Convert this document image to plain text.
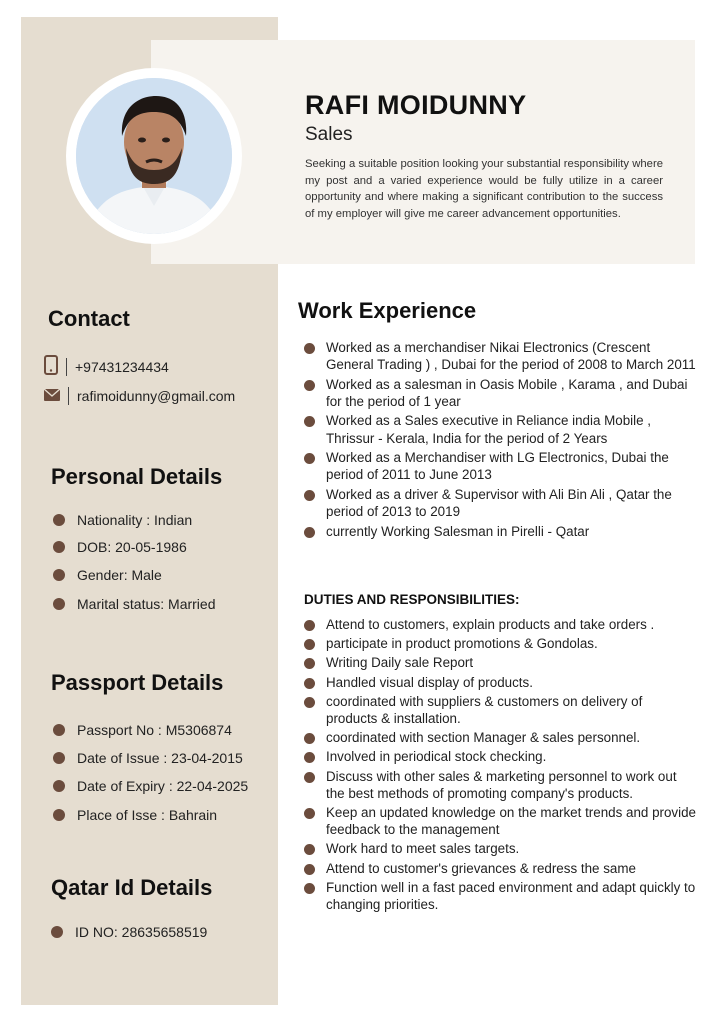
RAFI MOIDUNNY
Sales
Seeking a suitable position looking your substantial responsibility where my post and a varied experience would be fully utilize in a career opportunity and where making a significant contribution to the success of my employer will give me career advancement opportunities.
Contact
+97431234434
rafimoidunny@gmail.com
Personal Details
Nationality : Indian
DOB: 20-05-1986
Gender: Male
Marital status: Married
Passport Details
Passport No : M5306874
Date of Issue : 23-04-2015
Date of Expiry : 22-04-2025
Place of Isse : Bahrain
Qatar Id Details
ID NO: 28635658519
Work Experience
Worked as a merchandiser Nikai Electronics (Crescent General Trading ) , Dubai for the period of 2008 to March 2011
Worked as a salesman in Oasis Mobile , Karama , and Dubai for the period of 1 year
Worked as a Sales executive in Reliance india Mobile , Thrissur - Kerala, India for the period of 2 Years
Worked as a Merchandiser with LG Electronics, Dubai the period of 2011 to June 2013
Worked as a driver & Supervisor with Ali Bin Ali , Qatar the period of 2013 to 2019
currently Working Salesman in Pirelli - Qatar
DUTIES AND RESPONSIBILITIES:
Attend to customers, explain products and take orders .
participate in product promotions & Gondolas.
Writing Daily sale Report
Handled visual display of products.
coordinated with suppliers & customers on delivery of products & installation.
coordinated with section Manager & sales personnel.
Involved in periodical stock checking.
Discuss with other sales & marketing personnel to work out the best methods of promoting company's products.
Keep an updated knowledge on the market trends and provide feedback to the management
Work hard to meet sales targets.
Attend to customer's grievances & redress the same
Function well in a fast paced environment and adapt quickly to changing priorities.
